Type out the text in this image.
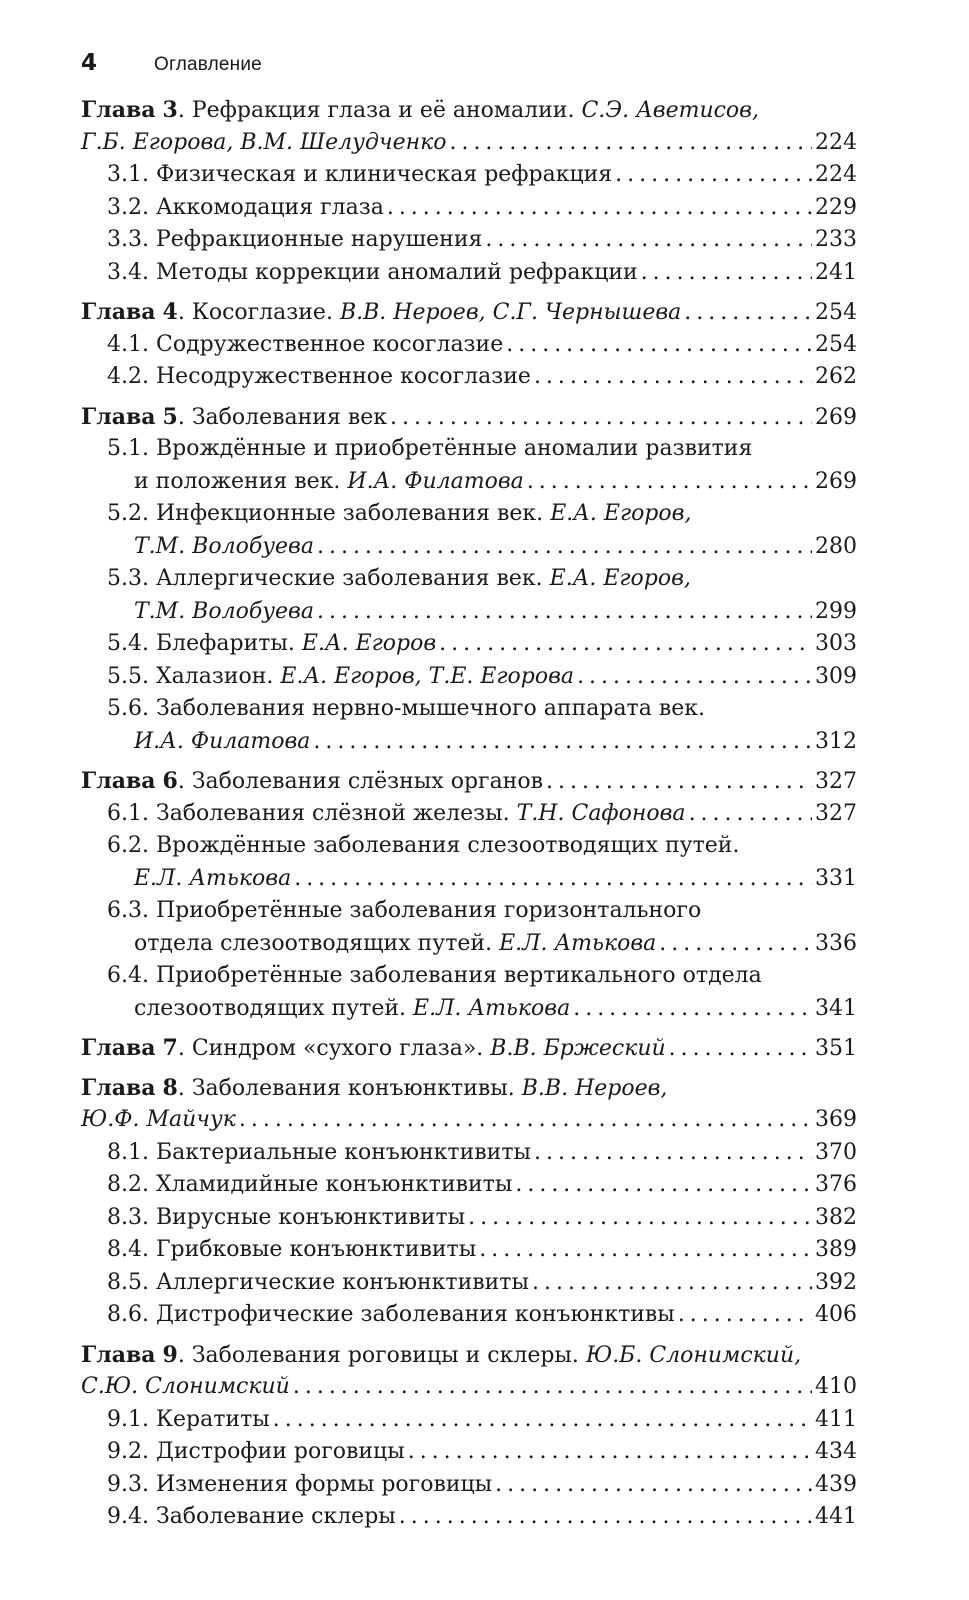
4	Оглавление
Глава 3. Рефракция глаза и её аномалии. С.Э. Аветисов,
Г.Б. Егорова, В.М. Шелудченко . . .	224
3.1. Физическая и клиническая рефракция . . .	224
3.2. Аккомодация глаза . . .	229
3.3. Рефракционные нарушения . . .	233
3.4. Методы коррекции аномалий рефракции . . .	241
Глава 4. Косоглазие. В.В. Нероев, С.Г. Чернышева . . .	254
4.1. Содружественное косоглазие . . .	254
4.2. Несодружественное косоглазие . . .	262
Глава 5. Заболевания век . . .	269
5.1. Врождённые и приобретённые аномалии развития
и положения век. И.А. Филатова . . .	269
5.2. Инфекционные заболевания век. Е.А. Егоров,
Т.М. Волобуева . . .	280
5.3. Аллергические заболевания век. Е.А. Егоров,
Т.М. Волобуева . . .	299
5.4. Блефариты. Е.А. Егоров . . .	303
5.5. Халазион. Е.А. Егоров, Т.Е. Егорова . . .	309
5.6. Заболевания нервно-мышечного аппарата век.
И.А. Филатова . . .	312
Глава 6. Заболевания слёзных органов . . .	327
6.1. Заболевания слёзной железы. Т.Н. Сафонова . . .	327
6.2. Врождённые заболевания слезоотводящих путей.
Е.Л. Атькова . . .	331
6.3. Приобретённые заболевания горизонтального
отдела слезоотводящих путей. Е.Л. Атькова . . .	336
6.4. Приобретённые заболевания вертикального отдела
слезоотводящих путей. Е.Л. Атькова . . .	341
Глава 7. Синдром «сухого глаза». В.В. Бржеский . . .	351
Глава 8. Заболевания конъюнктивы. В.В. Нероев,
Ю.Ф. Майчук . . .	369
8.1. Бактериальные конъюнктивиты . . .	370
8.2. Хламидийные конъюнктивиты . . .	376
8.3. Вирусные конъюнктивиты . . .	382
8.4. Грибковые конъюнктивиты . . .	389
8.5. Аллергические конъюнктивиты . . .	392
8.6. Дистрофические заболевания конъюнктивы . . .	406
Глава 9. Заболевания роговицы и склеры. Ю.Б. Слонимский,
С.Ю. Слонимский . . .	410
9.1. Кератиты . . .	411
9.2. Дистрофии роговицы . . .	434
9.3. Изменения формы роговицы . . .	439
9.4. Заболевание склеры . . .	441
